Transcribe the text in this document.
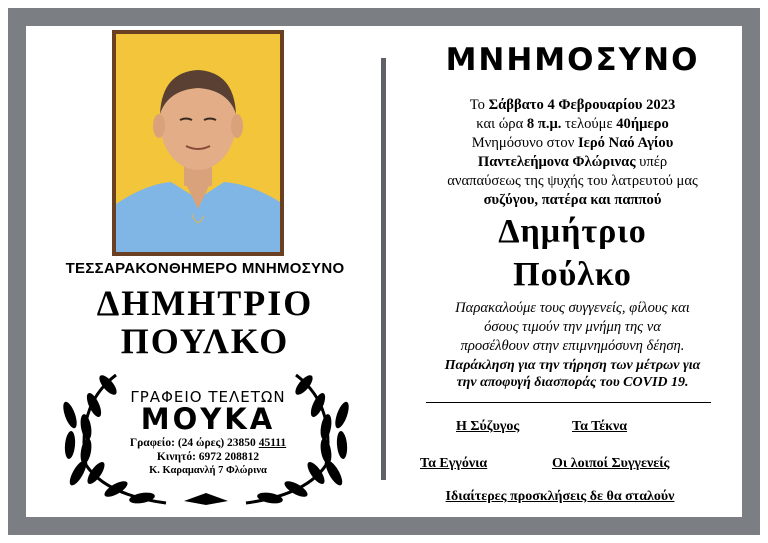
ΤΕΣΣΑΡΑΚΟΝΘΗΜΕΡΟ ΜΝΗΜΟΣΥΝΟ
ΔΗΜΗΤΡΙΟ
ΠΟΥΛΚΟ
ΓΡΑΦΕΙΟ ΤΕΛΕΤΩΝ
ΜΟΥΚΑ
Γραφείο: (24 ώρες) 23850 45111
Κινητό: 6972 208812
Κ. Καραμανλή 7 Φλώρινα
ΜΝΗΜΟΣΥΝΟ
Το Σάββατο 4 Φεβρουαρίου 2023
και ώρα 8 π.μ. τελούμε 40ήμερο
Μνημόσυνο στον Ιερό Ναό Αγίου
Παντελεήμονα Φλώρινας υπέρ
αναπαύσεως της ψυχής του λατρευτού μας
συζύγου, πατέρα και παππού
Δημήτριο
Πούλκο
Παρακαλούμε τους συγγενείς, φίλους και
όσους τιμούν την μνήμη της να
προσέλθουν στην επιμνημόσυνη δέηση.
Παράκληση για την τήρηση των μέτρων για
την αποφυγή διασποράς του COVID 19.
Η Σύζυγος	Τα Τέκνα
Τα Εγγόνια	Οι λοιποί Συγγενείς
Ιδιαίτερες προσκλήσεις δε θα σταλούν
